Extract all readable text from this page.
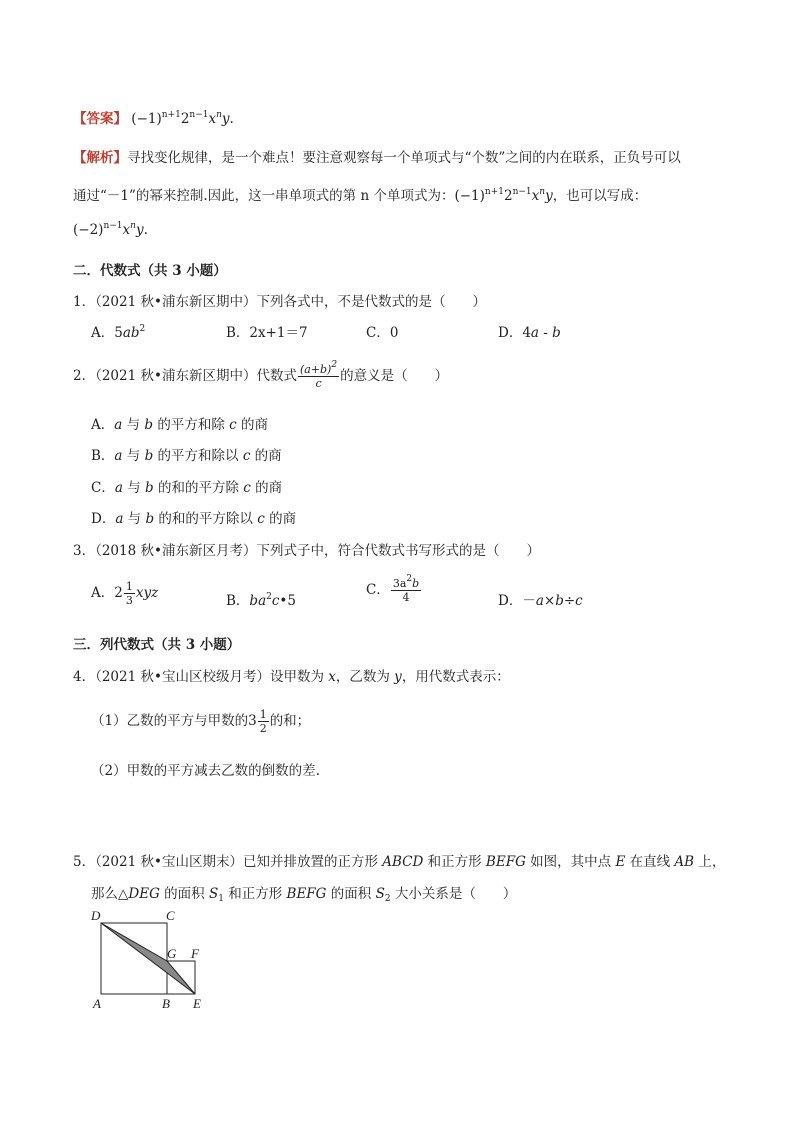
【答案】 $(-1)^{n+1}2^{n-1}x^ny$.
【解析】寻找变化规律，是一个难点！要注意观察每一个单项式与“个数”之间的内在联系，正负号可以
通过“－1”的幂来控制.因此，这一串单项式的第 n 个单项式为：$(-1)^{n+1}2^{n-1}x^ny$，也可以写成：
$(-2)^{n-1}x^ny$.
二．代数式（共 3 小题）
1．（2021 秋•浦东新区期中）下列各式中，不是代数式的是（　　）
A．$5ab^2$	B．2x+1＝7	C．0	D．4a - b
2．（2021 秋•浦东新区期中）代数式 $\frac{(a+b)^2}{c}$ 的意义是（　　）
A．a 与 b 的平方和除 c 的商
B．a 与 b 的平方和除以 c 的商
C．a 与 b 的和的平方除 c 的商
D．a 与 b 的和的平方除以 c 的商
3．（2018 秋•浦东新区月考）下列式子中，符合代数式书写形式的是（　　）
A．$2 \frac{1}{3}$ xyz	B．$ba^2c•5$
C． $\frac{3a^2b}{4}$	D．－a×b÷c
三．列代数式（共 3 小题）
4．（2021 秋•宝山区校级月考）设甲数为 x，乙数为 y，用代数式表示：
（1）乙数的平方与甲数的$3 \frac{1}{2}$ 的和；
（2）甲数的平方减去乙数的倒数的差.
5．（2021 秋•宝山区期末）已知并排放置的正方形 ABCD 和正方形 BEFG 如图，其中点 E 在直线 AB 上，
那么△DEG 的面积 $S_1$ 和正方形 BEFG 的面积 $S_2$ 大小关系是（　　）
D	C
G F
A	B E
